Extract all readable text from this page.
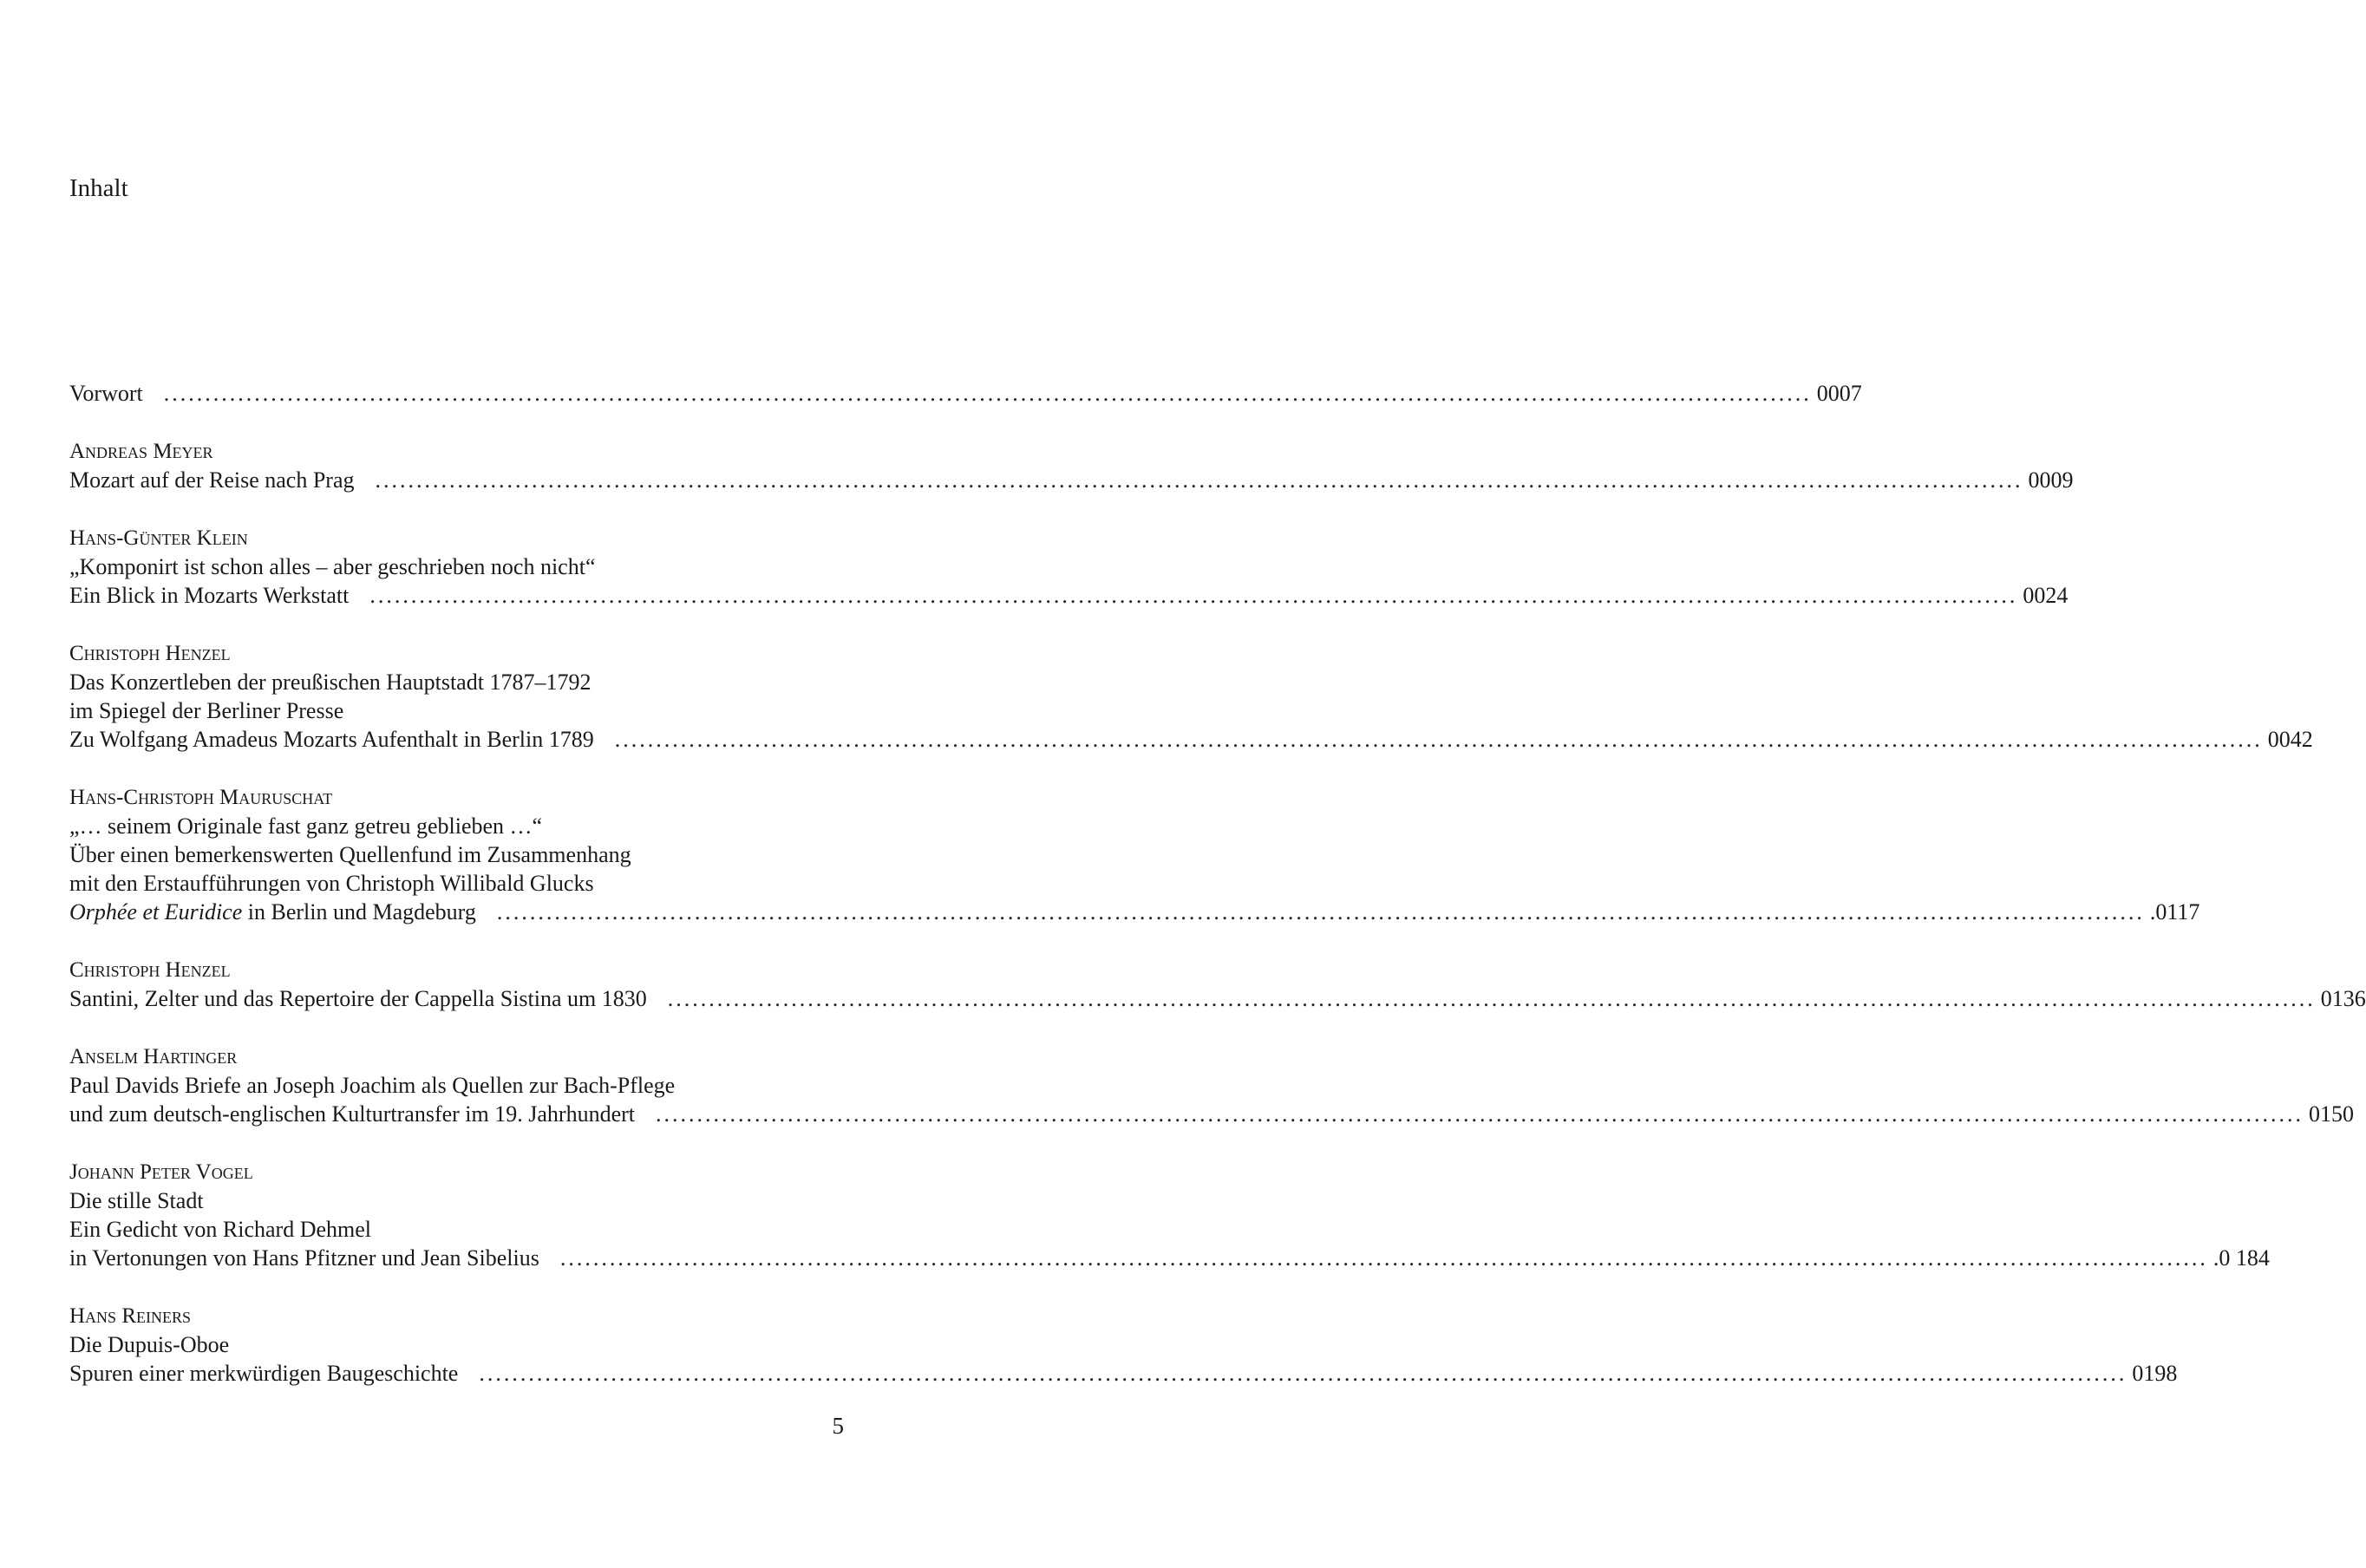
Inhalt
Vorwort ........................................................................................................................................................................................................ 0007
Andreas Meyer
Mozart auf der Reise nach Prag ........................................................................................................................................................................................................ 0009
Hans-Günter Klein
„Komponirt ist schon alles – aber geschrieben noch nicht“
Ein Blick in Mozarts Werkstatt ........................................................................................................................................................................................................ 0024
Christoph Henzel
Das Konzertleben der preußischen Hauptstadt 1787–1792
im Spiegel der Berliner Presse
Zu Wolfgang Amadeus Mozarts Aufenthalt in Berlin 1789 ........................................................................................................................................................................................................ 0042
Hans-Christoph Mauruschat
„… seinem Originale fast ganz getreu geblieben …“
Über einen bemerkenswerten Quellenfund im Zusammenhang
mit den Erstaufführungen von Christoph Willibald Glucks
Orphée et Euridice in Berlin und Magdeburg ........................................................................................................................................................................................................ .0117
Christoph Henzel
Santini, Zelter und das Repertoire der Cappella Sistina um 1830 ........................................................................................................................................................................................................ 0136
Anselm Hartinger
Paul Davids Briefe an Joseph Joachim als Quellen zur Bach-Pflege
und zum deutsch-englischen Kulturtransfer im 19. Jahrhundert ........................................................................................................................................................................................................ 0150
Johann Peter Vogel
Die stille Stadt
Ein Gedicht von Richard Dehmel
in Vertonungen von Hans Pfitzner und Jean Sibelius ........................................................................................................................................................................................................ .0 184
Hans Reiners
Die Dupuis-Oboe
Spuren einer merkwürdigen Baugeschichte ........................................................................................................................................................................................................ 0198
5
